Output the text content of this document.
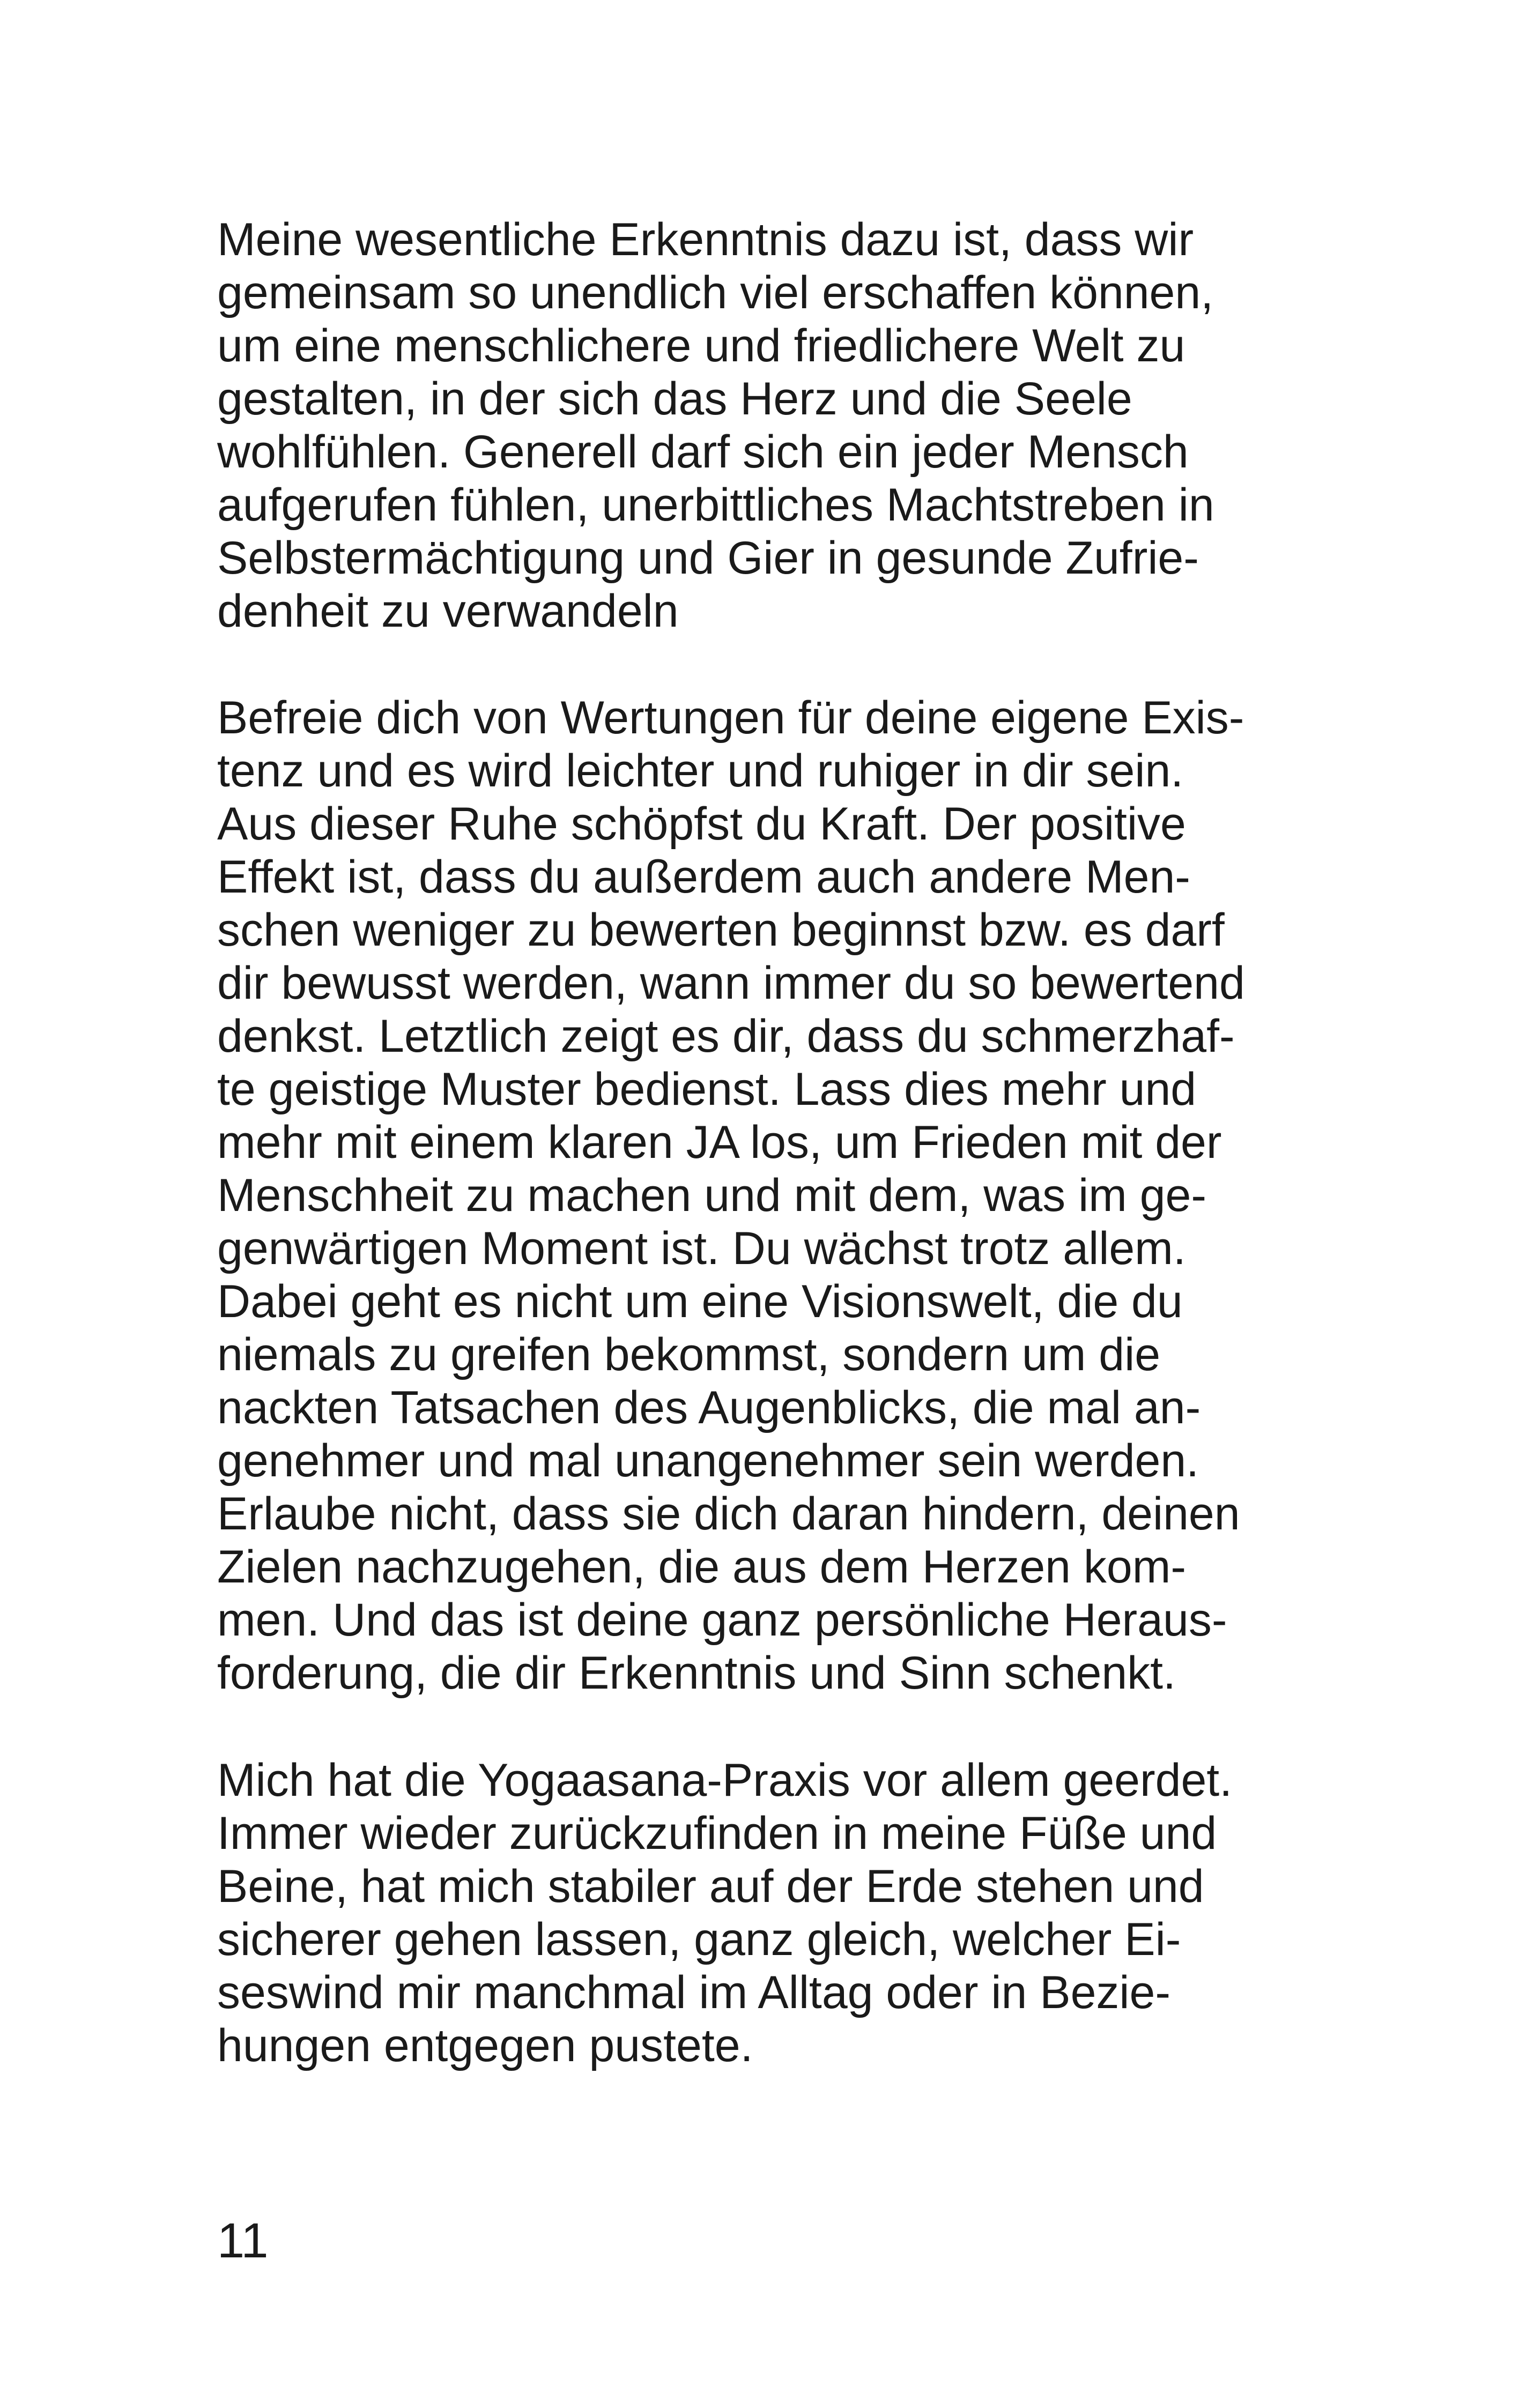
Meine wesentliche Erkenntnis dazu ist, dass wir
gemeinsam so unendlich viel erschaffen können,
um eine menschlichere und friedlichere Welt zu
gestalten, in der sich das Herz und die Seele
wohlfühlen. Generell darf sich ein jeder Mensch
aufgerufen fühlen, unerbittliches Machtstreben in
Selbstermächtigung und Gier in gesunde Zufrie-
denheit zu verwandeln

Befreie dich von Wertungen für deine eigene Exis-
tenz und es wird leichter und ruhiger in dir sein.
Aus dieser Ruhe schöpfst du Kraft. Der positive
Effekt ist, dass du außerdem auch andere Men-
schen weniger zu bewerten beginnst bzw. es darf
dir bewusst werden, wann immer du so bewertend
denkst. Letztlich zeigt es dir, dass du schmerzhaf-
te geistige Muster bedienst. Lass dies mehr und
mehr mit einem klaren JA los, um Frieden mit der
Menschheit zu machen und mit dem, was im ge-
genwärtigen Moment ist. Du wächst trotz allem.
Dabei geht es nicht um eine Visionswelt, die du
niemals zu greifen bekommst, sondern um die
nackten Tatsachen des Augenblicks, die mal an-
genehmer und mal unangenehmer sein werden.
Erlaube nicht, dass sie dich daran hindern, deinen
Zielen nachzugehen, die aus dem Herzen kom-
men. Und das ist deine ganz persönliche Heraus-
forderung, die dir Erkenntnis und Sinn schenkt.

Mich hat die Yogaasana-Praxis vor allem geerdet.
Immer wieder zurückzufinden in meine Füße und
Beine, hat mich stabiler auf der Erde stehen und
sicherer gehen lassen, ganz gleich, welcher Ei-
seswind mir manchmal im Alltag oder in Bezie-
hungen entgegen pustete.

11
